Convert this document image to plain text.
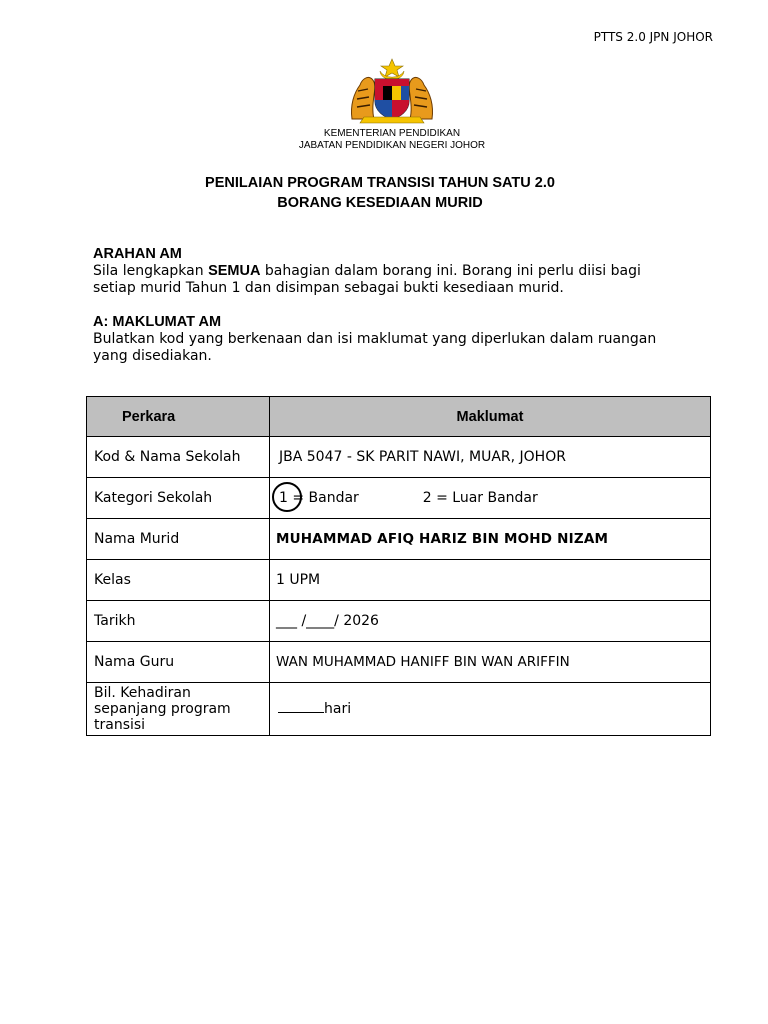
PTTS 2.0 JPN JOHOR
KEMENTERIAN PENDIDIKAN
JABATAN PENDIDIKAN NEGERI JOHOR
PENILAIAN PROGRAM TRANSISI TAHUN SATU 2.0
BORANG KESEDIAAN MURID
ARAHAN AM
Sila lengkapkan SEMUA bahagian dalam borang ini. Borang ini perlu diisi bagi setiap murid Tahun 1 dan disimpan sebagai bukti kesediaan murid.
A: MAKLUMAT AM
Bulatkan kod yang berkenaan dan isi maklumat yang diperlukan dalam ruangan yang disediakan.
Perkara	Maklumat
Kod & Nama Sekolah	JBA 5047 - SK PARIT NAWI, MUAR, JOHOR
Kategori Sekolah	1 = Bandar 2 = Luar Bandar
Nama Murid	MUHAMMAD AFIQ HARIZ BIN MOHD NIZAM
Kelas	1 UPM
Tarikh	___ /____/ 2026
Nama Guru	WAN MUHAMMAD HANIFF BIN WAN ARIFFIN
Bil. Kehadiran sepanjang program transisi	hari
